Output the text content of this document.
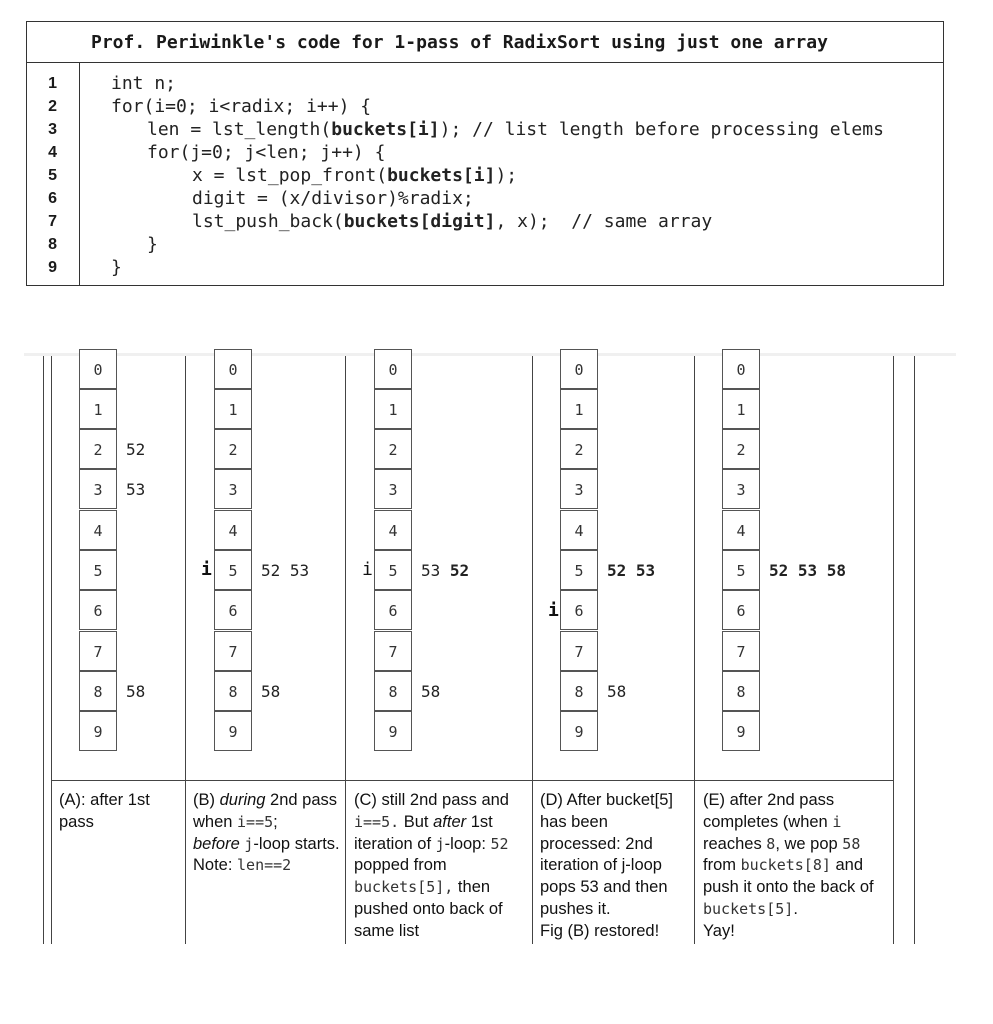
Prof. Periwinkle's code for 1-pass of RadixSort using just one array
1
2
3
4
5
6
7
8
9
int n;
for(i=0; i<radix; i++) {
len = lst_length(buckets[i]); // list length before processing elems
for(j=0; j<len; j++) {
x = lst_pop_front(buckets[i]);
digit = (x/divisor)%radix;
lst_push_back(buckets[digit], x);  // same array
}
}
0
1
2
3
4
5
6
7
8
9
52
53
58
0
1
2
3
4
5
6
7
8
9
i	52 53
58
0
1
2
3
4
5
6
7
8
9
i	53 52
58
0
1
2
3
4
5
6
7
8
9
i
52 53
58
0
1
2
3
4
5
6
7
8
9
52 53 58
(A): after 1st pass
(B) during 2nd pass when i==5;
before j-loop starts.
Note: len==2
(C) still 2nd pass and i==5. But after 1st iteration of j-loop: 52 popped from buckets[5], then pushed onto back of same list
(D) After bucket[5] has been processed: 2nd iteration of j-loop pops 53 and then pushes it.
Fig (B) restored!
(E) after 2nd pass completes (when i reaches 8, we pop 58 from buckets[8] and push it onto the back of buckets[5].
Yay!
